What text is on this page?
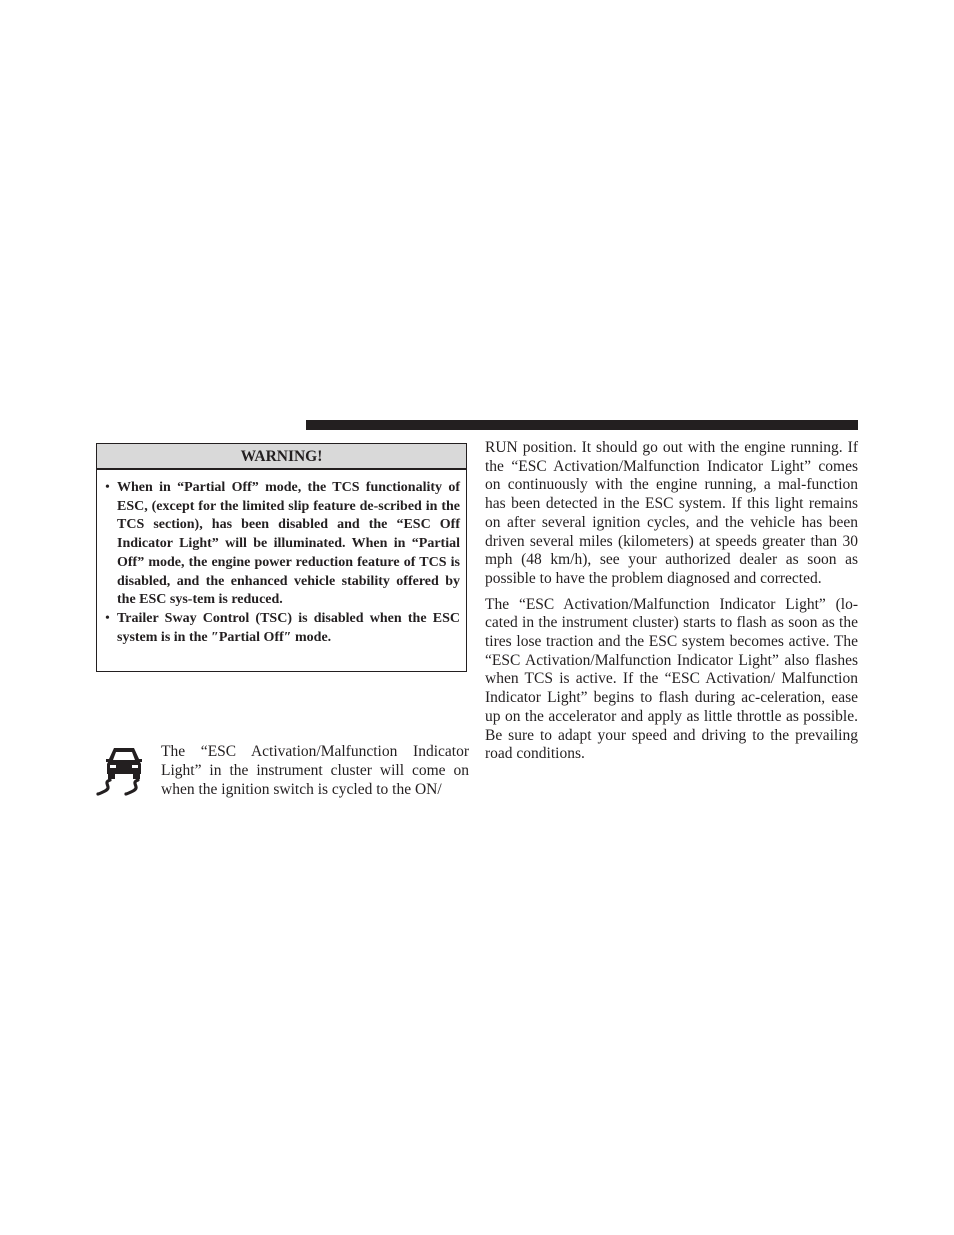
WARNING!
• When in “Partial Off” mode, the TCS functionality of ESC, (except for the limited slip feature de-scribed in the TCS section), has been disabled and the “ESC Off Indicator Light” will be illuminated. When in “Partial Off” mode, the engine power reduction feature of TCS is disabled, and the enhanced vehicle stability offered by the ESC sys-tem is reduced.
• Trailer Sway Control (TSC) is disabled when the ESC system is in the ″Partial Off″ mode.

The “ESC Activation/Malfunction Indicator Light” in the instrument cluster will come on when the ignition switch is cycled to the ON/

RUN position. It should go out with the engine running. If the “ESC Activation/Malfunction Indicator Light” comes on continuously with the engine running, a mal-function has been detected in the ESC system. If this light remains on after several ignition cycles, and the vehicle has been driven several miles (kilometers) at speeds greater than 30 mph (48 km/h), see your authorized dealer as soon as possible to have the problem diagnosed and corrected.

The “ESC Activation/Malfunction Indicator Light” (lo-cated in the instrument cluster) starts to flash as soon as the tires lose traction and the ESC system becomes active. The “ESC Activation/Malfunction Indicator Light” also flashes when TCS is active. If the “ESC Activation/ Malfunction Indicator Light” begins to flash during ac-celeration, ease up on the accelerator and apply as little throttle as possible. Be sure to adapt your speed and driving to the prevailing road conditions.
